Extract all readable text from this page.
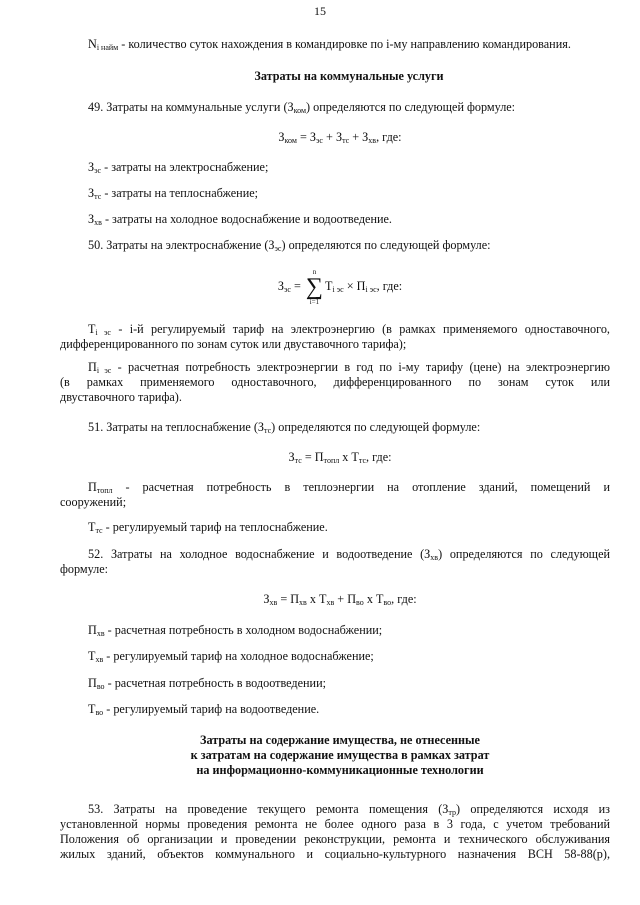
15
$N_{i найм}$ - количество суток нахождения в командировке по i-му направлению командирования.
Затраты на коммунальные услуги
49. Затраты на коммунальные услуги $(З_{ком})$ определяются по следующей формуле:
$З_{ком} = З_{эс} + З_{тс} + З_{хв}$, где:
$З_{эс}$ - затраты на электроснабжение;
$З_{тс}$ - затраты на теплоснабжение;
$З_{хв}$ - затраты на холодное водоснабжение и водоотведение.
50. Затраты на электроснабжение $(З_{эс})$ определяются по следующей формуле:
$З_{эс}$ =
n
∑
i=1
$Т_{i эс} \times П_{i эс}$, где:
$Т_{i эс} - i-й$ регулируемый тариф на электроэнергию (в рамках применяемого одноставочного,
дифференцированного по зонам суток или двуставочного тарифа);
$П_{i эс}$ - расчетная потребность электроэнергии в год по i-му тарифу (цене) на электроэнергию
(в рамках применяемого одноставочного, дифференцированного по зонам суток или
двуставочного тарифа).
51. Затраты на теплоснабжение $(З_{тс})$ определяются по следующей формуле:
$З_{тс} = П_{топл}$ x $Т_{тс}$, где:
$П_{топл}$ - расчетная потребность в теплоэнергии на отопление зданий, помещений и
сооружений;
$Т_{тс}$ - регулируемый тариф на теплоснабжение.
52. Затраты на холодное водоснабжение и водоотведение $(З_{хв})$ определяются по следующей
формуле:
$З_{хв} = П_{хв}$ x $Т_{хв} + П_{во}$ x $Т_{во}$, где:
$П_{хв}$ - расчетная потребность в холодном водоснабжении;
$Т_{хв}$ - регулируемый тариф на холодное водоснабжение;
$П_{во}$ - расчетная потребность в водоотведении;
$Т_{во}$ - регулируемый тариф на водоотведение.
Затраты на содержание имущества, не отнесенные
к затратам на содержание имущества в рамках затрат
на информационно-коммуникационные технологии
53. Затраты на проведение текущего ремонта помещения $(З_{тр})$ определяются исходя из
установленной нормы проведения ремонта не более одного раза в 3 года, с учетом требований
Положения об организации и проведении реконструкции, ремонта и технического обслуживания
жилых зданий, объектов коммунального и социально-культурного назначения ВСН 58-88(р),
